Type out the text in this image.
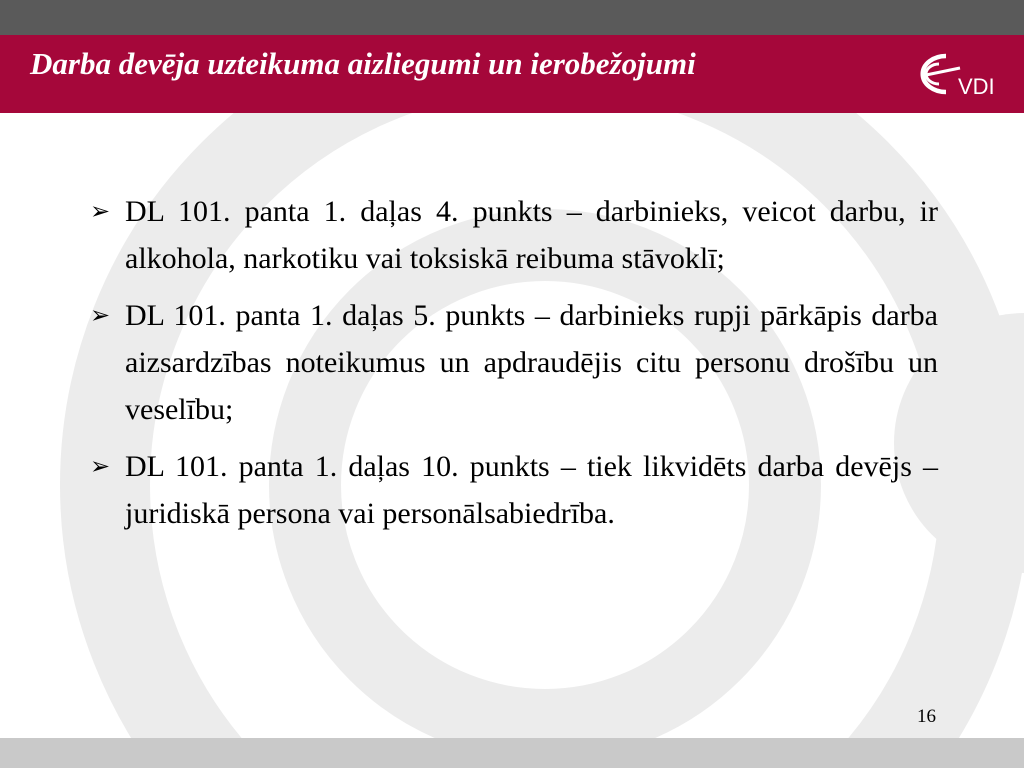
Darba devēja uzteikuma aizliegumi un ierobežojumi
VDI
➢ DL 101. panta 1. daļas 4. punkts – darbinieks, veicot darbu, ir alkohola, narkotiku vai toksiskā reibuma stāvoklī;
➢ DL 101. panta 1. daļas 5. punkts – darbinieks rupji pārkāpis darba aizsardzības noteikumus un apdraudējis citu personu drošību un veselību;
➢ DL 101. panta 1. daļas 10. punkts – tiek likvidēts darba devējs – juridiskā persona vai personālsabiedrība.
16
